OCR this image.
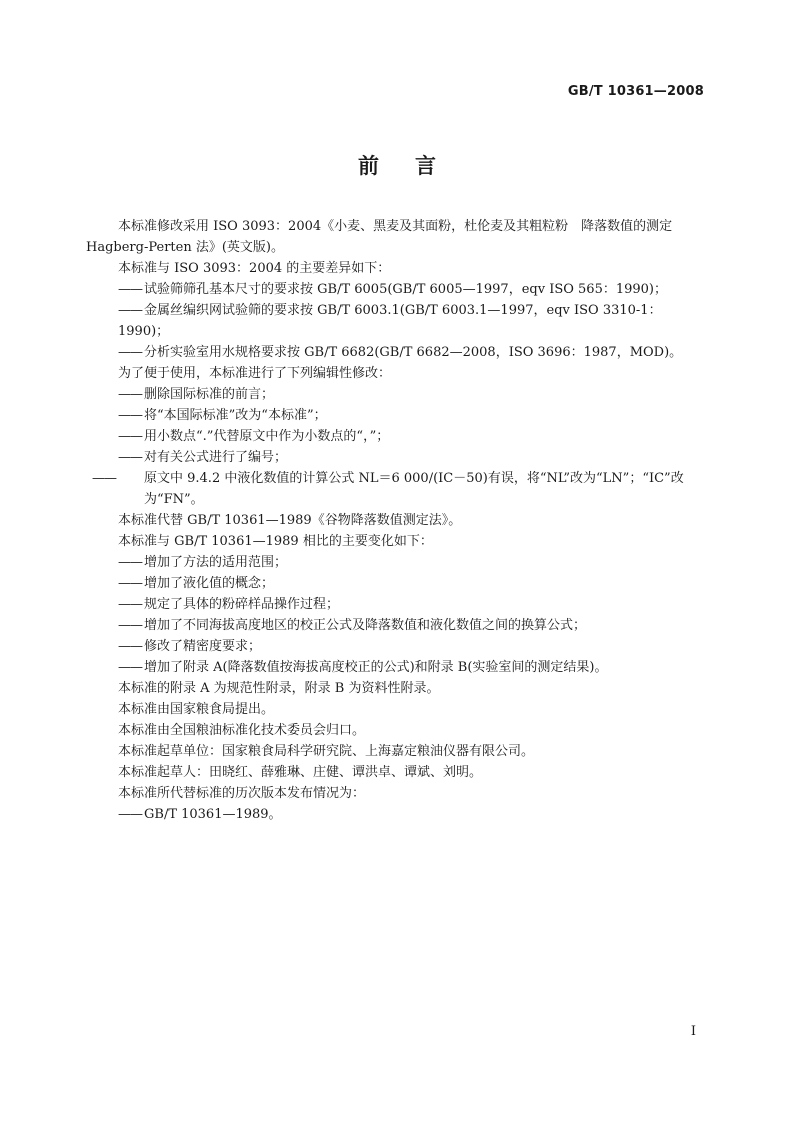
GB/T 10361—2008
前言

本标准修改采用 ISO 3093：2004《小麦、黑麦及其面粉，杜伦麦及其粗粒粉　降落数值的测定
Hagberg-Perten 法》(英文版)。

本标准与 ISO 3093：2004 的主要差异如下：

—— 试验筛筛孔基本尺寸的要求按 GB/T 6005(GB/T 6005—1997，eqv ISO 565：1990)；

—— 金属丝编织网试验筛的要求按 GB/T 6003.1(GB/T 6003.1—1997，eqv ISO 3310-1：1990)；

—— 分析实验室用水规格要求按 GB/T 6682(GB/T 6682—2008，ISO 3696：1987，MOD)。

为了便于使用，本标准进行了下列编辑性修改：

—— 删除国际标准的前言；

—— 将“本国际标准”改为“本标准”；

—— 用小数点“.”代替原文中作为小数点的“，”；

—— 对有关公式进行了编号；

—— 原文中 9.4.2 中液化数值的计算公式 NL＝6 000/(IC－50)有误，将“NL”改为“LN”；“IC”改
为“FN”。

本标准代替 GB/T 10361—1989《谷物降落数值测定法》。

本标准与 GB/T 10361—1989 相比的主要变化如下：

—— 增加了方法的适用范围；

—— 增加了液化值的概念；

—— 规定了具体的粉碎样品操作过程；

—— 增加了不同海拔高度地区的校正公式及降落数值和液化数值之间的换算公式；

—— 修改了精密度要求；

—— 增加了附录 A(降落数值按海拔高度校正的公式)和附录 B(实验室间的测定结果)。

本标准的附录 A 为规范性附录，附录 B 为资料性附录。

本标准由国家粮食局提出。

本标准由全国粮油标准化技术委员会归口。

本标准起草单位：国家粮食局科学研究院、上海嘉定粮油仪器有限公司。

本标准起草人：田晓红、薛雅琳、庄健、谭洪卓、谭斌、刘明。

本标准所代替标准的历次版本发布情况为：

—— GB/T 10361—1989。

I
